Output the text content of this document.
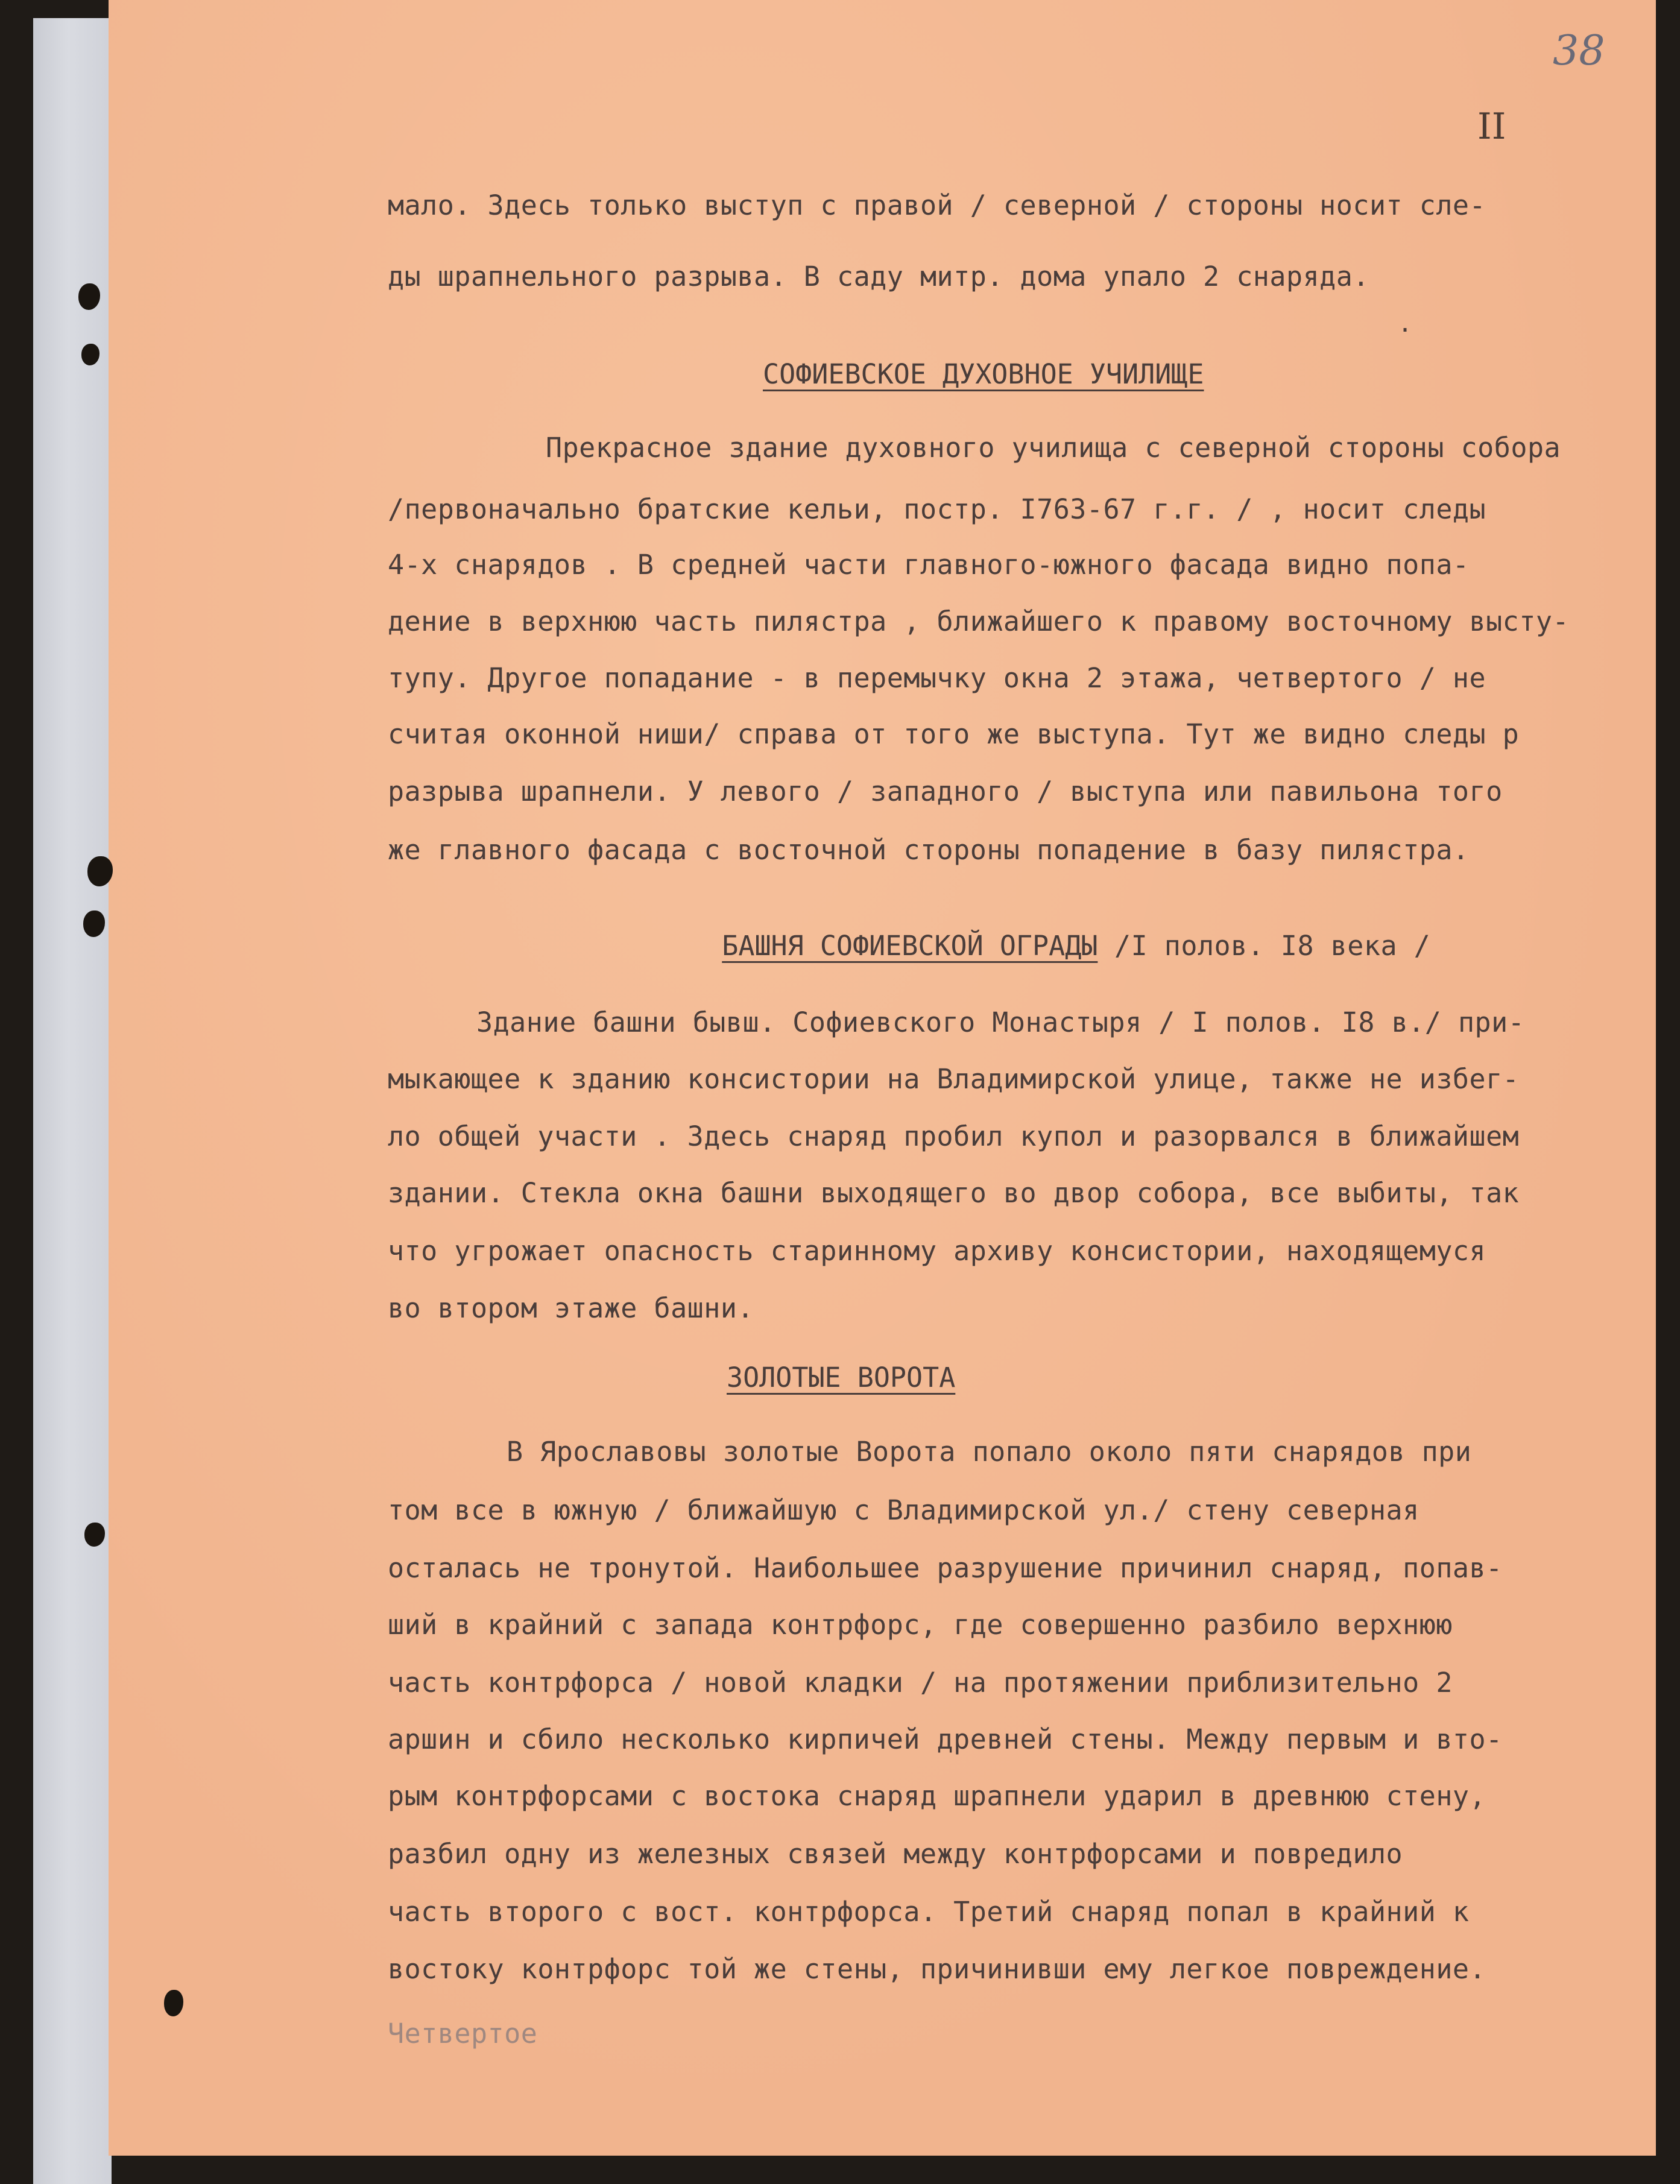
38
II

мало. Здесь только выступ с правой / северной / стороны носит сле-

ды шрапнельного разрыва. В саду митр. дома упало 2 снаряда.

СОФИЕВСКОЕ ДУХОВНОЕ УЧИЛИЩЕ

Прекрасное здание духовного училища с северной стороны собора

/первоначально братские кельи, постр. I763-67 г.г. / , носит следы

4-х снарядов . В средней части главного-южного фасада видно попа-

дение в верхнюю часть пилястра , ближайшего к правому восточному высту-

тупу. Другое попадание - в перемычку окна 2 этажа, четвертого / не

считая оконной ниши/ справа от того же выступа. Тут же видно следы р

разрыва шрапнели. У левого / западного / выступа или павильона того

же главного фасада с восточной стороны попадение в базу пилястра.

БАШНЯ СОФИЕВСКОЙ ОГРАДЫ /I полов. I8 века /

Здание башни бывш. Софиевского Монастыря / I полов. I8 в./ при-

мыкающее к зданию консистории на Владимирской улице, также не избег-

ло общей участи . Здесь снаряд пробил купол и разорвался в ближайшем

здании. Стекла окна башни выходящего во двор собора, все выбиты, так

что угрожает опасность старинному архиву консистории, находящемуся

во втором этаже башни.

ЗОЛОТЫЕ ВОРОТА

В Ярославовы золотые Ворота попало около пяти снарядов при

том все в южную / ближайшую с Владимирской ул./ стену северная

осталась не тронутой. Наибольшее разрушение причинил снаряд, попав-

ший в крайний с запада контрфорс, где совершенно разбило верхнюю

часть контрфорса / новой кладки / на протяжении приблизительно 2

аршин и сбило несколько кирпичей древней стены. Между первым и вто-

рым контрфорсами с востока снаряд шрапнели ударил в древнюю стену,

разбил одну из железных связей между контрфорсами и повредило

часть второго с вост. контрфорса. Третий снаряд попал в крайний к

востоку контрфорс той же стены, причинивши ему легкое повреждение.

Четвертое

·
